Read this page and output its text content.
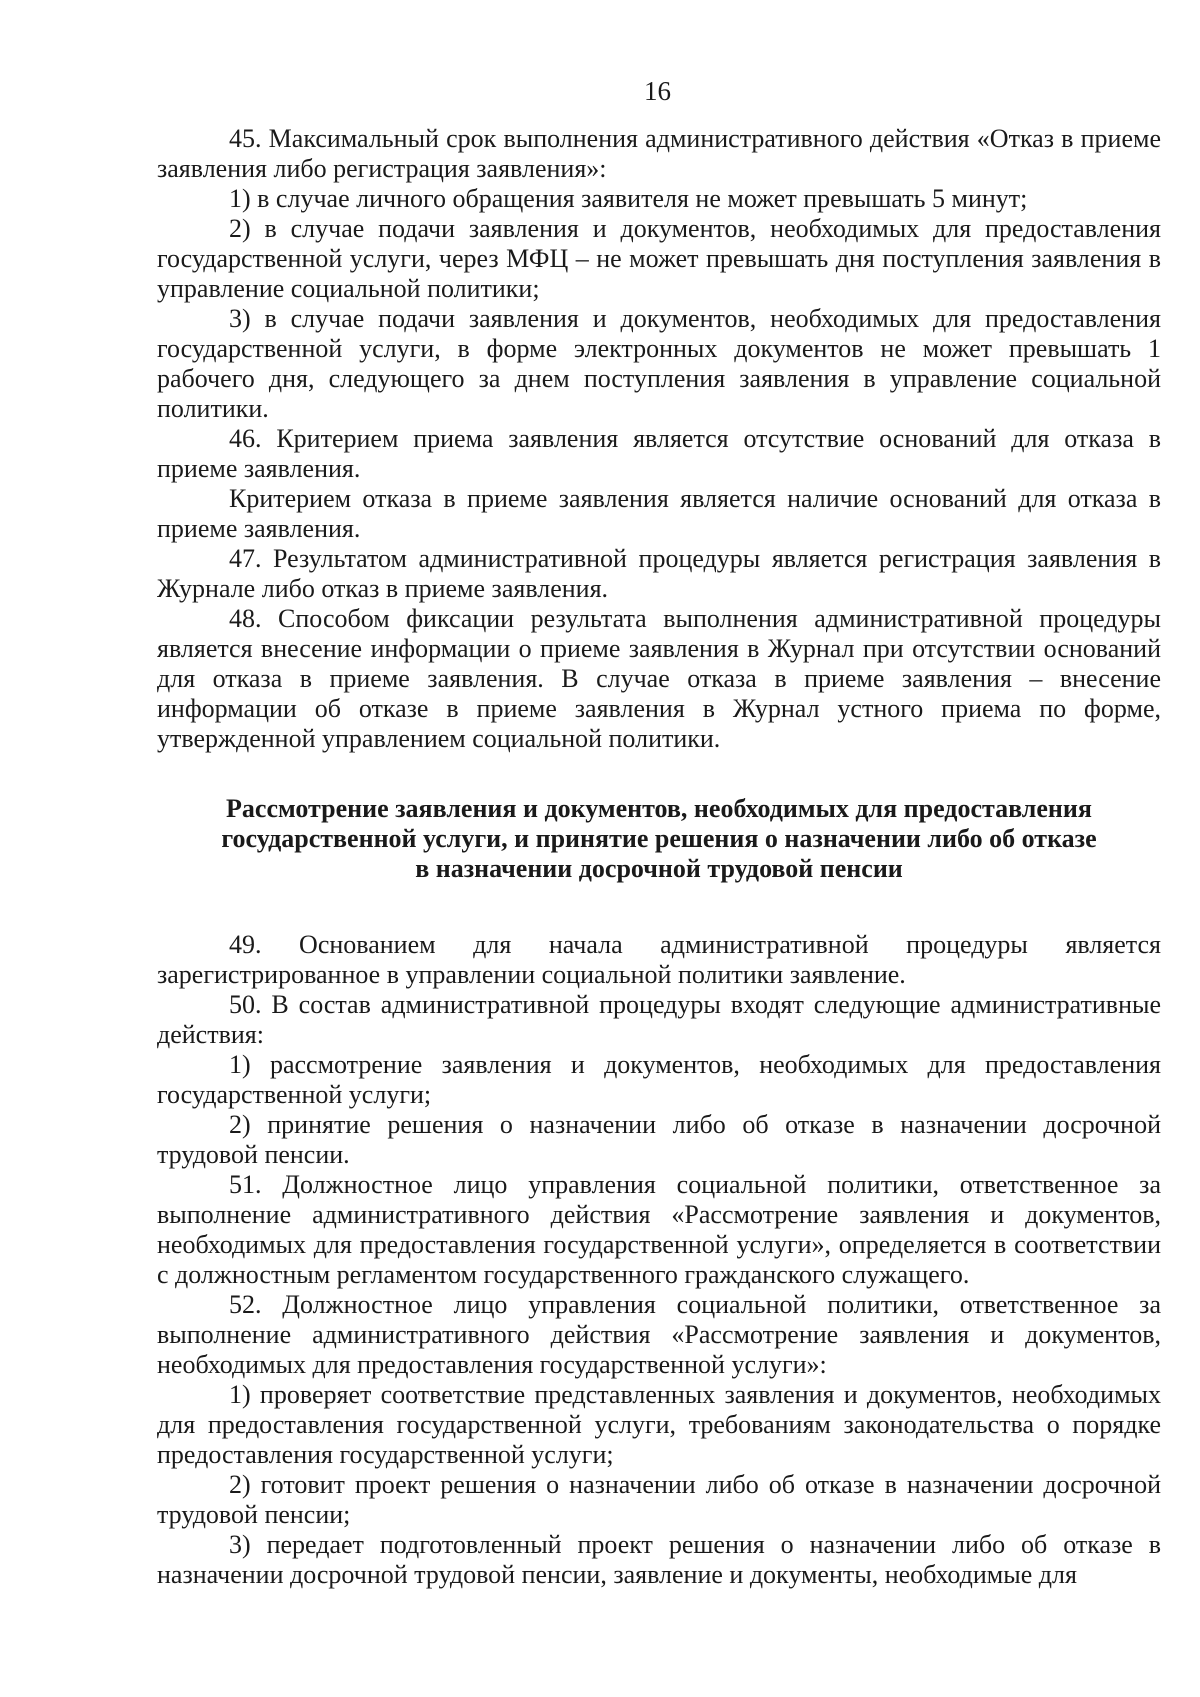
16

45. Максимальный срок выполнения административного действия «Отказ в приеме заявления либо регистрация заявления»:

1) в случае личного обращения заявителя не может превышать 5 минут;

2) в случае подачи заявления и документов, необходимых для предоставления государственной услуги, через МФЦ – не может превышать дня поступления заявления в управление социальной политики;

3) в случае подачи заявления и документов, необходимых для предоставления государственной услуги, в форме электронных документов не может превышать 1 рабочего дня, следующего за днем поступления заявления в управление социальной политики.

46. Критерием приема заявления является отсутствие оснований для отказа в приеме заявления.

Критерием отказа в приеме заявления является наличие оснований для отказа в приеме заявления.

47. Результатом административной процедуры является регистрация заявления в Журнале либо отказ в приеме заявления.

48. Способом фиксации результата выполнения административной процедуры является внесение информации о приеме заявления в Журнал при отсутствии оснований для отказа в приеме заявления. В случае отказа в приеме заявления – внесение информации об отказе в приеме заявления в Журнал устного приема по форме, утвержденной управлением социальной политики.

Рассмотрение заявления и документов, необходимых для предоставления
государственной услуги, и принятие решения о назначении либо об отказе
в назначении досрочной трудовой пенсии

49. Основанием для начала административной процедуры является зарегистрированное в управлении социальной политики заявление.

50. В состав административной процедуры входят следующие административные действия:

1) рассмотрение заявления и документов, необходимых для предоставления государственной услуги;

2) принятие решения о назначении либо об отказе в назначении досрочной трудовой пенсии.

51. Должностное лицо управления социальной политики, ответственное за выполнение административного действия «Рассмотрение заявления и документов, необходимых для предоставления государственной услуги», определяется в соответствии с должностным регламентом государственного гражданского служащего.

52. Должностное лицо управления социальной политики, ответственное за выполнение административного действия «Рассмотрение заявления и документов, необходимых для предоставления государственной услуги»:

1) проверяет соответствие представленных заявления и документов, необходимых для предоставления государственной услуги, требованиям законодательства о порядке предоставления государственной услуги;

2) готовит проект решения о назначении либо об отказе в назначении досрочной трудовой пенсии;

3) передает подготовленный проект решения о назначении либо об отказе в назначении досрочной трудовой пенсии, заявление и документы, необходимые для
